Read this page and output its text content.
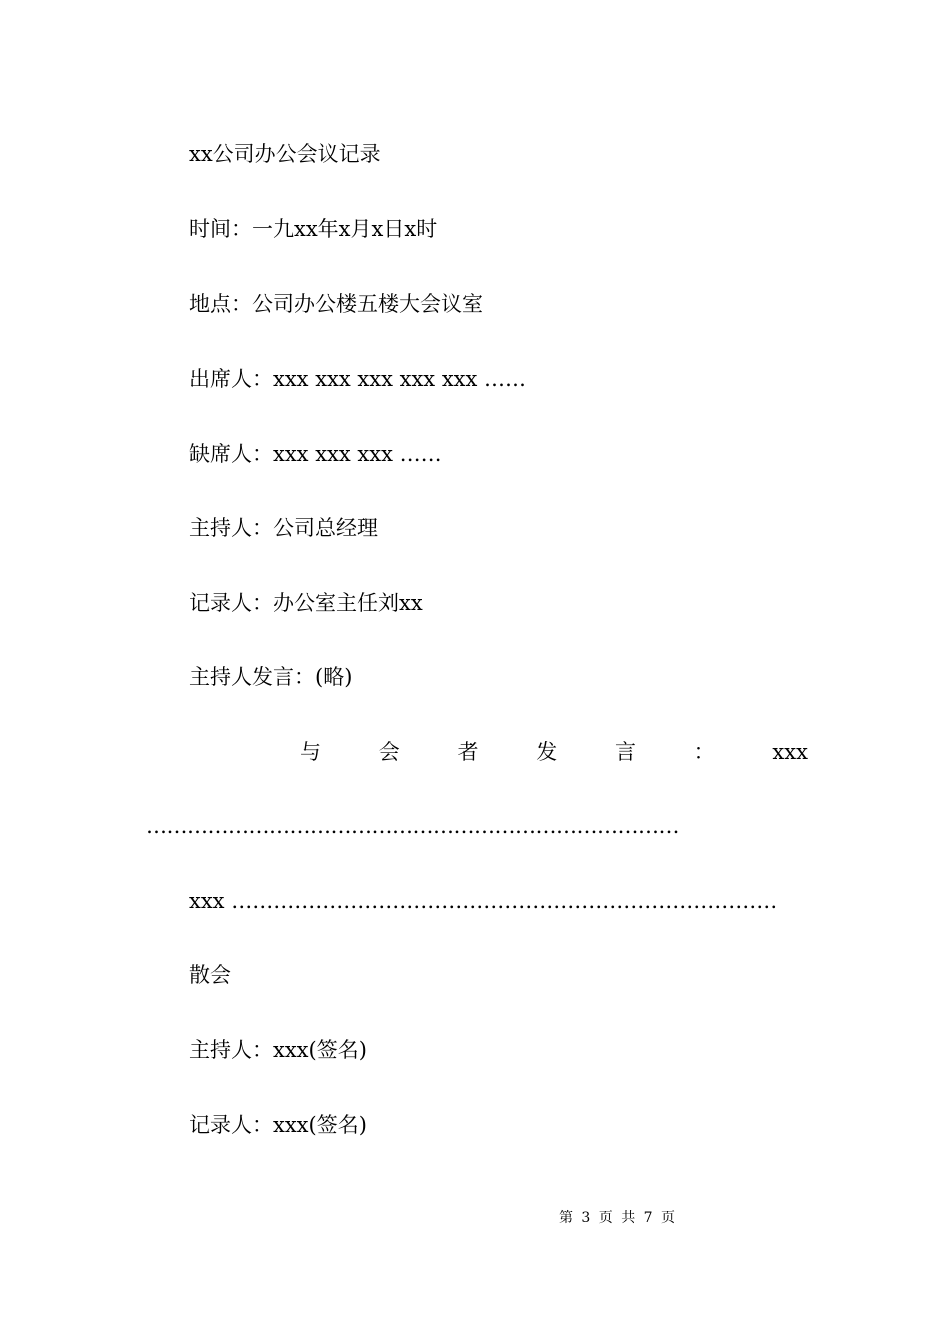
xx公司办公会议记录
时间：一九xx年x月x日x时
地点：公司办公楼五楼大会议室
出席人：xxx xxx xxx xxx xxx ……
缺席人：xxx xxx xxx ……
主持人：公司总经理
记录人：办公室主任刘xx
主持人发言：(略)
与	会	者	发	言	：	xxx
……………………………………………………………………
xxx ……………………………………………………………………
散会
主持人：xxx(签名)
记录人：xxx(签名)
第 3 页 共 7 页
